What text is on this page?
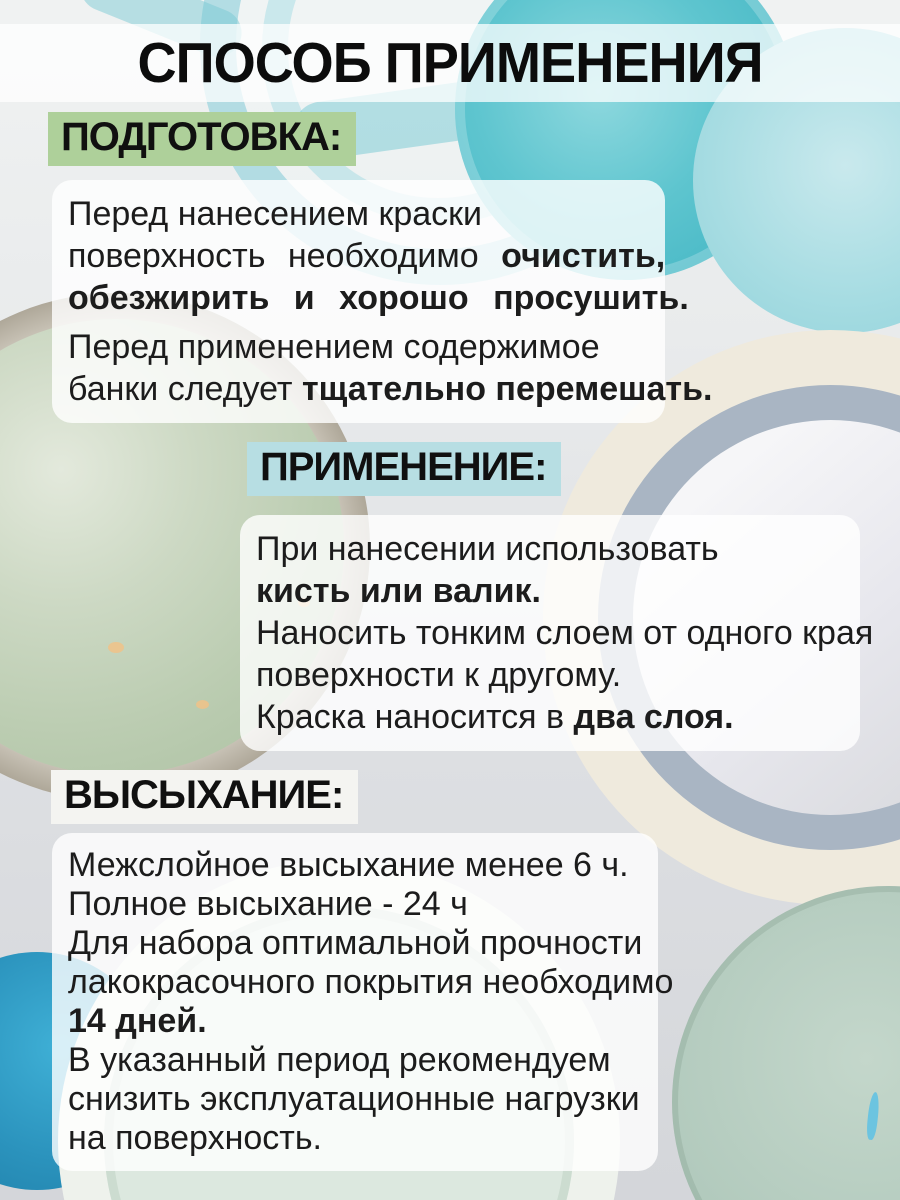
СПОСОБ ПРИМЕНЕНИЯ
ПОДГОТОВКА:
Перед нанесением краски
поверхность необходимо очистить,
обезжирить и хорошо просушить.
Перед применением содержимое
банки следует тщательно перемешать.
ПРИМЕНЕНИЕ:
При нанесении использовать
кисть или валик.
Наносить тонким слоем от одного края
поверхности к другому.
Краска наносится в два слоя.
ВЫСЫХАНИЕ:
Межслойное высыхание менее 6 ч.
Полное высыхание - 24 ч
Для набора оптимальной прочности
лакокрасочного покрытия необходимо
14 дней.
В указанный период рекомендуем
снизить эксплуатационные нагрузки
на поверхность.
